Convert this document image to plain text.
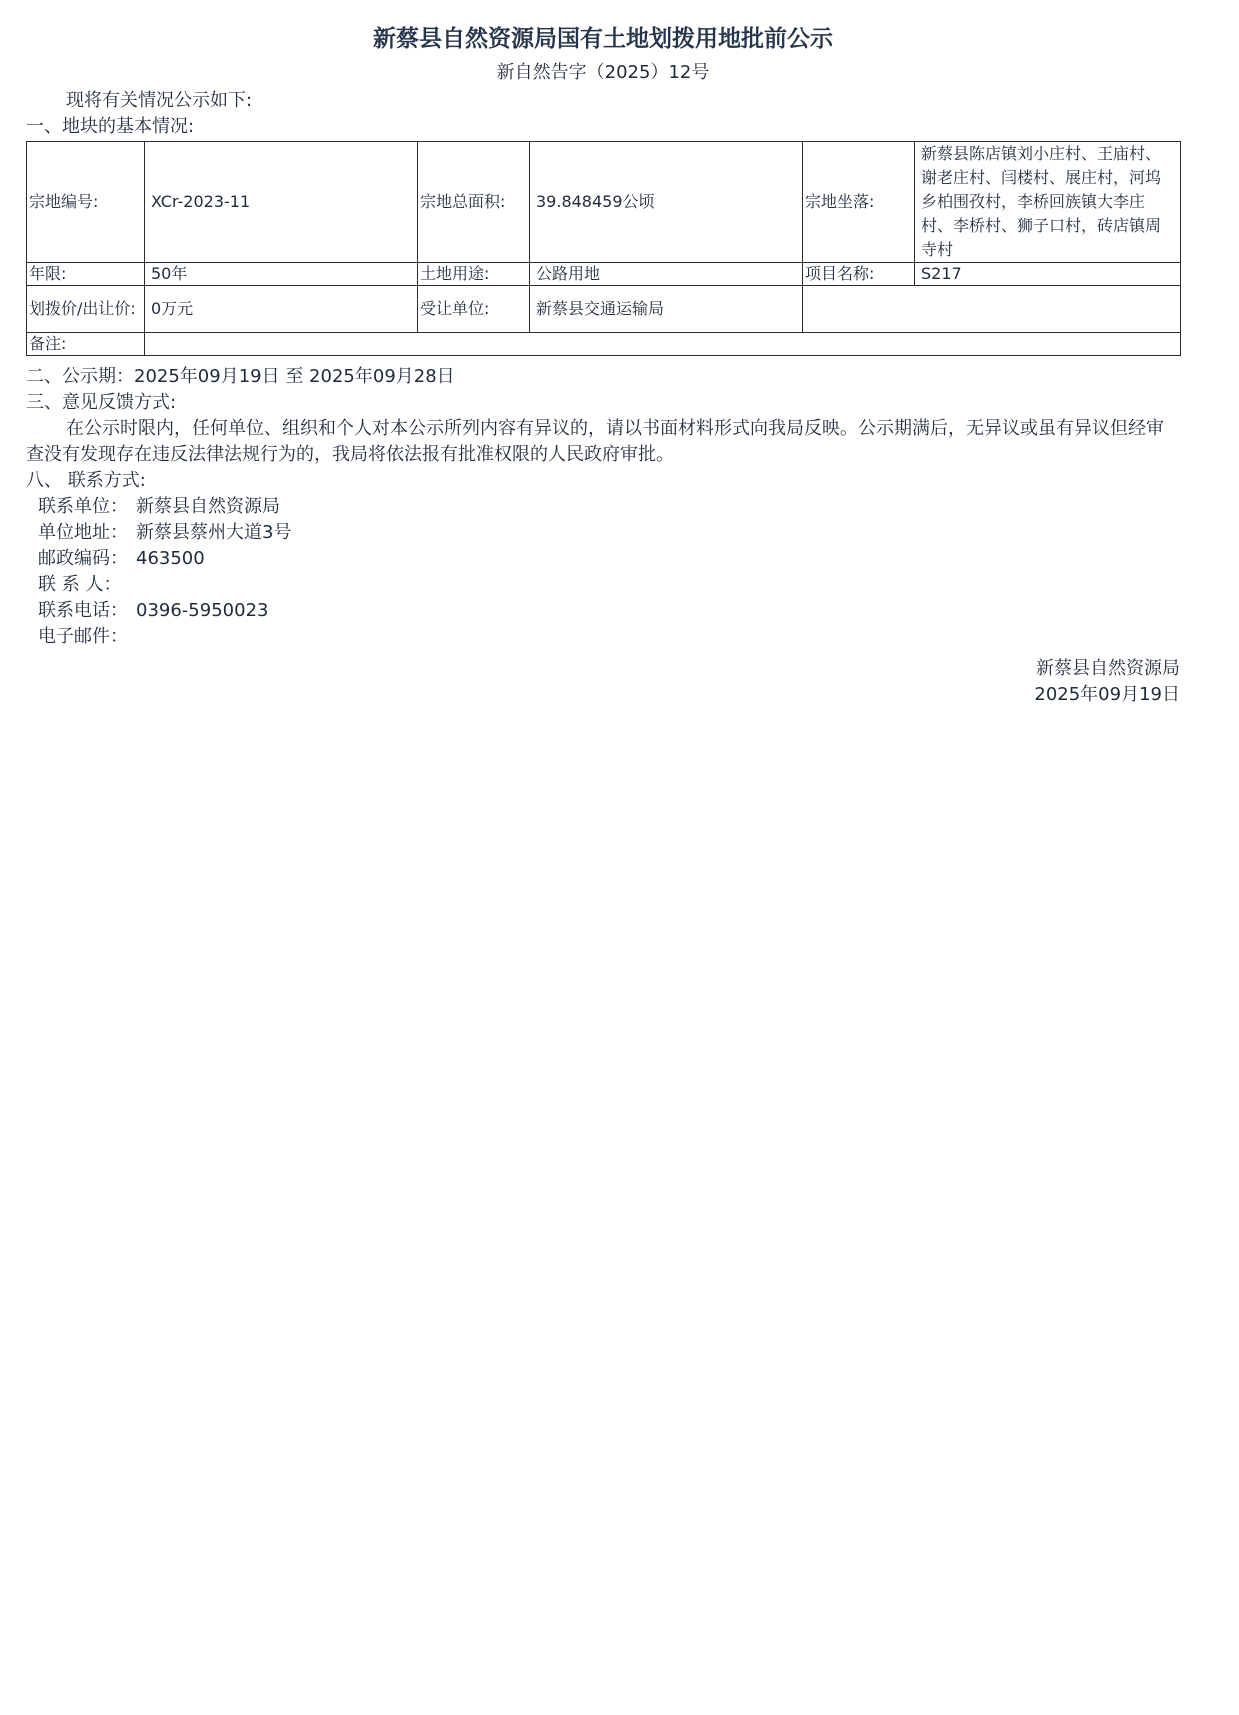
新蔡县自然资源局国有土地划拨用地批前公示
新自然告字（2025）12号
现将有关情况公示如下:
一、地块的基本情况:
宗地编号:	XCr-2023-11	宗地总面积:	39.848459公顷	宗地坐落:	新蔡县陈店镇刘小庄村、王庙村、谢老庄村、闫楼村、展庄村，河坞乡柏围孜村，李桥回族镇大李庄村、李桥村、狮子口村，砖店镇周寺村

年限:	50年	土地用途:	公路用地	项目名称:	S217
划拨价/出让价:	0万元	受让单位:	新蔡县交通运输局		
备注:					
二、公示期：2025年09月19日 至 2025年09月28日
三、意见反馈方式:

在公示时限内，任何单位、组织和个人对本公示所列内容有异议的，请以书面材料形式向我局反映。公示期满后，无异议或虽有异议但经审查没有发现存在违反法律法规行为的，我局将依法报有批准权限的人民政府审批。

八、 联系方式:
联系单位： 新蔡县自然资源局
单位地址： 新蔡县蔡州大道3号
邮政编码： 463500
联 系 人：
联系电话： 0396-5950023
电子邮件：
新蔡县自然资源局
2025年09月19日
